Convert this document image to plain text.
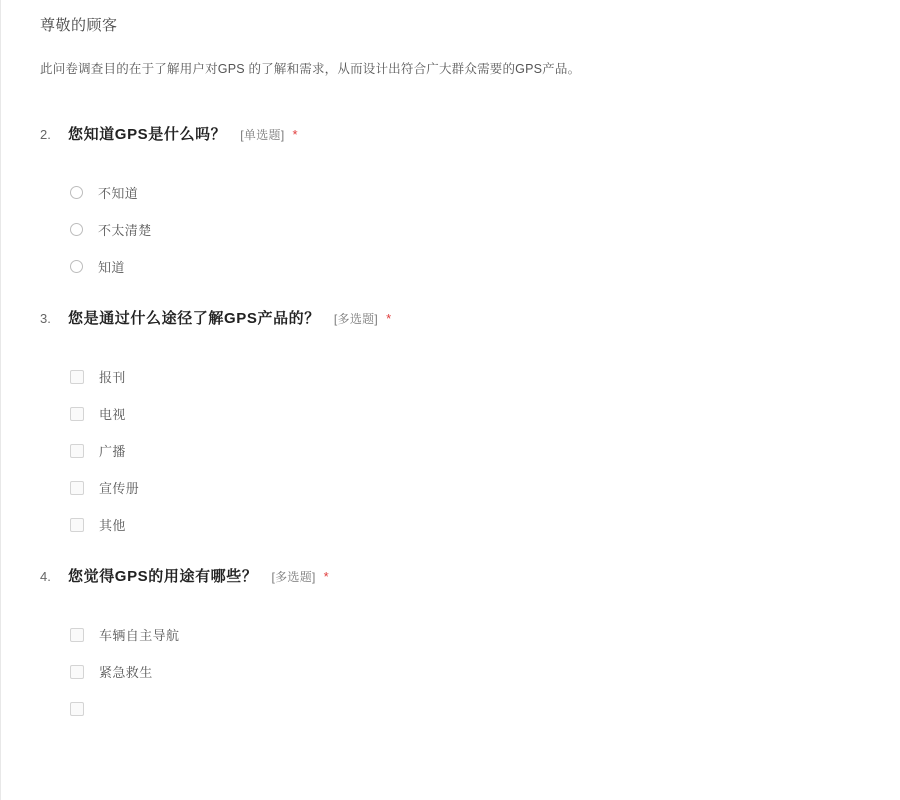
尊敬的顾客
此问卷调查目的在于了解用户对GPS 的了解和需求，从而设计出符合广大群众需要的GPS产品。
2.	您知道GPS是什么吗？ [单选题] *
不知道
不太清楚
知道
3.	您是通过什么途径了解GPS产品的？ [多选题] *
报刊
电视
广播
宣传册
其他
4.	您觉得GPS的用途有哪些？ [多选题] *
车辆自主导航
紧急救生
